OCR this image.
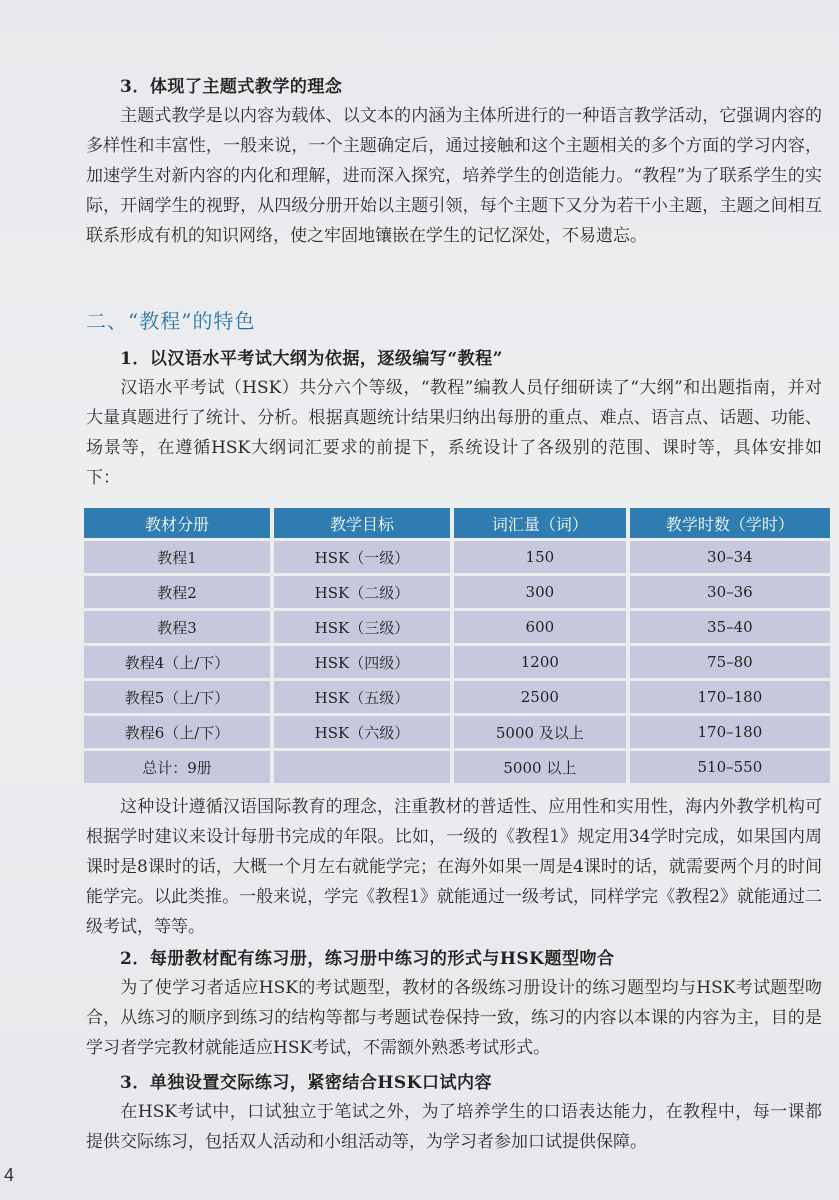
3．体现了主题式教学的理念
主题式教学是以内容为载体、以文本的内涵为主体所进行的一种语言教学活动，它强调内容的多样性和丰富性，一般来说，一个主题确定后，通过接触和这个主题相关的多个方面的学习内容，加速学生对新内容的内化和理解，进而深入探究，培养学生的创造能力。“教程”为了联系学生的实际，开阔学生的视野，从四级分册开始以主题引领，每个主题下又分为若干小主题，主题之间相互联系形成有机的知识网络，使之牢固地镶嵌在学生的记忆深处，不易遗忘。
二、“教程”的特色
1．以汉语水平考试大纲为依据，逐级编写“教程”
汉语水平考试（HSK）共分六个等级，“教程”编教人员仔细研读了“大纲”和出题指南，并对大量真题进行了统计、分析。根据真题统计结果归纳出每册的重点、难点、语言点、话题、功能、场景等，在遵循HSK大纲词汇要求的前提下，系统设计了各级别的范围、课时等，具体安排如下：
教材分册	教学目标	词汇量（词）	教学时数（学时）
教程1	HSK（一级）	150	30–34
教程2	HSK（二级）	300	30–36
教程3	HSK（三级）	600	35–40
教程4（上/下）	HSK（四级）	1200	75–80
教程5（上/下）	HSK（五级）	2500	170–180
教程6（上/下）	HSK（六级）	5000 及以上	170–180
总计：9册		5000 以上	510–550
这种设计遵循汉语国际教育的理念，注重教材的普适性、应用性和实用性，海内外教学机构可根据学时建议来设计每册书完成的年限。比如，一级的《教程1》规定用34学时完成，如果国内周课时是8课时的话，大概一个月左右就能学完；在海外如果一周是4课时的话，就需要两个月的时间能学完。以此类推。一般来说，学完《教程1》就能通过一级考试，同样学完《教程2》就能通过二级考试，等等。
2．每册教材配有练习册，练习册中练习的形式与HSK题型吻合
为了使学习者适应HSK的考试题型，教材的各级练习册设计的练习题型均与HSK考试题型吻合，从练习的顺序到练习的结构等都与考题试卷保持一致，练习的内容以本课的内容为主，目的是学习者学完教材就能适应HSK考试，不需额外熟悉考试形式。
3．单独设置交际练习，紧密结合HSK口试内容
在HSK考试中，口试独立于笔试之外，为了培养学生的口语表达能力，在教程中，每一课都提供交际练习，包括双人活动和小组活动等，为学习者参加口试提供保障。
4
